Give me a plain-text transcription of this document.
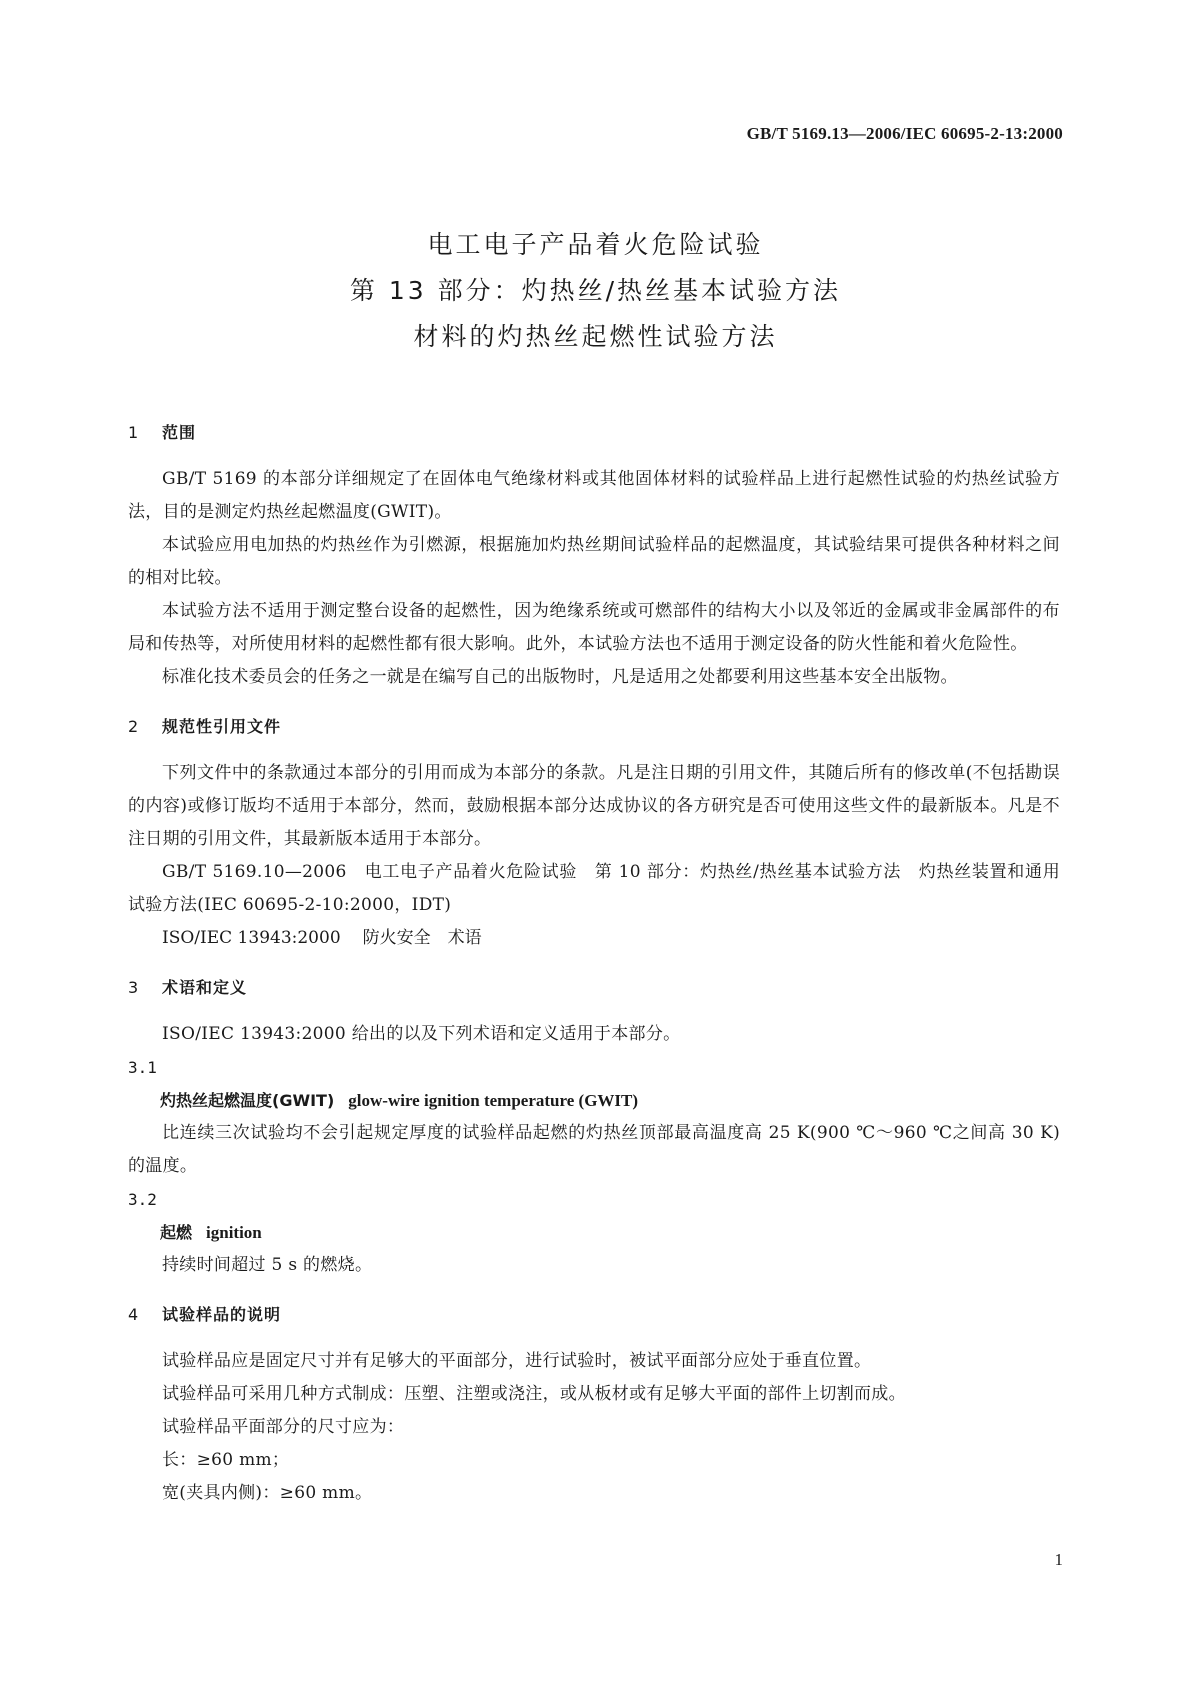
GB/T 5169.13—2006/IEC 60695-2-13:2000
电工电子产品着火危险试验
第 13 部分：灼热丝/热丝基本试验方法
材料的灼热丝起燃性试验方法
1 范围
GB/T 5169 的本部分详细规定了在固体电气绝缘材料或其他固体材料的试验样品上进行起燃性试验的灼热丝试验方法，目的是测定灼热丝起燃温度(GWIT)。
本试验应用电加热的灼热丝作为引燃源，根据施加灼热丝期间试验样品的起燃温度，其试验结果可提供各种材料之间的相对比较。
本试验方法不适用于测定整台设备的起燃性，因为绝缘系统或可燃部件的结构大小以及邻近的金属或非金属部件的布局和传热等，对所使用材料的起燃性都有很大影响。此外，本试验方法也不适用于测定设备的防火性能和着火危险性。
标准化技术委员会的任务之一就是在编写自己的出版物时，凡是适用之处都要利用这些基本安全出版物。
2 规范性引用文件
下列文件中的条款通过本部分的引用而成为本部分的条款。凡是注日期的引用文件，其随后所有的修改单(不包括勘误的内容)或修订版均不适用于本部分，然而，鼓励根据本部分达成协议的各方研究是否可使用这些文件的最新版本。凡是不注日期的引用文件，其最新版本适用于本部分。
GB/T 5169.10—2006　电工电子产品着火危险试验　第 10 部分：灼热丝/热丝基本试验方法　灼热丝装置和通用试验方法(IEC 60695-2-10:2000，IDT)
ISO/IEC 13943:2000 防火安全　术语
3 术语和定义
ISO/IEC 13943:2000 给出的以及下列术语和定义适用于本部分。
3.1
灼热丝起燃温度(GWIT) glow-wire ignition temperature (GWIT)
比连续三次试验均不会引起规定厚度的试验样品起燃的灼热丝顶部最高温度高 25 K(900 ℃～960 ℃之间高 30 K)的温度。
3.2
起燃 ignition
持续时间超过 5 s 的燃烧。
4 试验样品的说明
试验样品应是固定尺寸并有足够大的平面部分，进行试验时，被试平面部分应处于垂直位置。
试验样品可采用几种方式制成：压塑、注塑或浇注，或从板材或有足够大平面的部件上切割而成。
试验样品平面部分的尺寸应为：
长：≥60 mm；
宽(夹具内侧)：≥60 mm。
1
